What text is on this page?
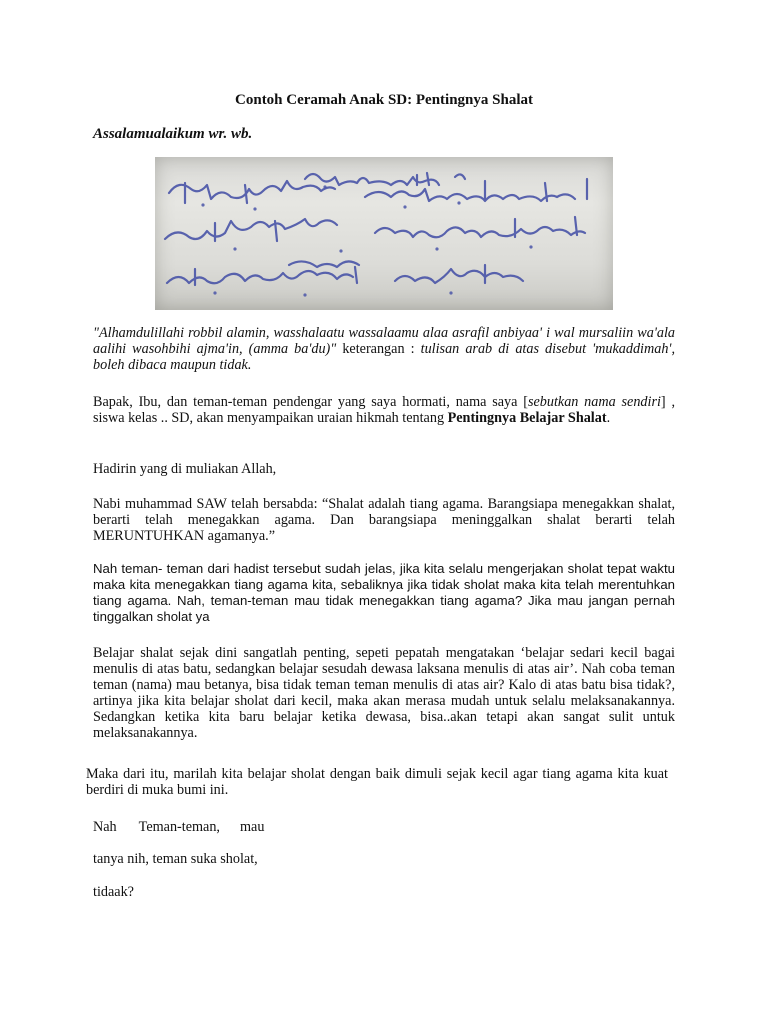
Contoh Ceramah Anak SD: Pentingnya Shalat
Assalamualaikum wr. wb.
"Alhamdulillahi robbil alamin, wasshalaatu wassalaamu alaa asrafil anbiyaa' i wal mursaliin wa'ala aalihi wasohbihi ajma'in, (amma ba'du)" keterangan : tulisan arab di atas disebut 'mukaddimah', boleh dibaca maupun tidak.
Bapak, Ibu, dan teman-teman pendengar yang saya hormati, nama saya [sebutkan nama sendiri] , siswa kelas .. SD, akan menyampaikan uraian hikmah tentang Pentingnya Belajar Shalat.
Hadirin yang di muliakan Allah,
Nabi muhammad SAW telah bersabda: “Shalat adalah tiang agama. Barangsiapa menegakkan shalat, berarti telah menegakkan agama. Dan barangsiapa meninggalkan shalat berarti telah MERUNTUHKAN agamanya.”
Nah teman- teman dari hadist tersebut sudah jelas, jika kita selalu mengerjakan sholat tepat waktu maka kita menegakkan tiang agama kita, sebaliknya jika tidak sholat maka kita telah merentuhkan tiang agama. Nah, teman-teman mau tidak menegakkan tiang agama? Jika mau jangan pernah tinggalkan sholat ya
Belajar shalat sejak dini sangatlah penting, sepeti pepatah mengatakan ‘belajar sedari kecil bagai menulis di atas batu, sedangkan belajar sesudah dewasa laksana menulis di atas air’. Nah coba teman teman (nama) mau betanya, bisa tidak teman teman menulis di atas air? Kalo di atas batu bisa tidak?, artinya jika kita belajar sholat dari kecil, maka akan merasa mudah untuk selalu melaksanakannya. Sedangkan ketika kita baru belajar ketika dewasa, bisa..akan tetapi akan sangat sulit untuk melaksanakannya.
Maka dari itu, marilah kita belajar sholat dengan baik dimuli sejak kecil agar tiang agama kita kuat berdiri di muka bumi ini.
Nah Teman-teman, mau
tanya nih, teman suka sholat,
tidaak?
